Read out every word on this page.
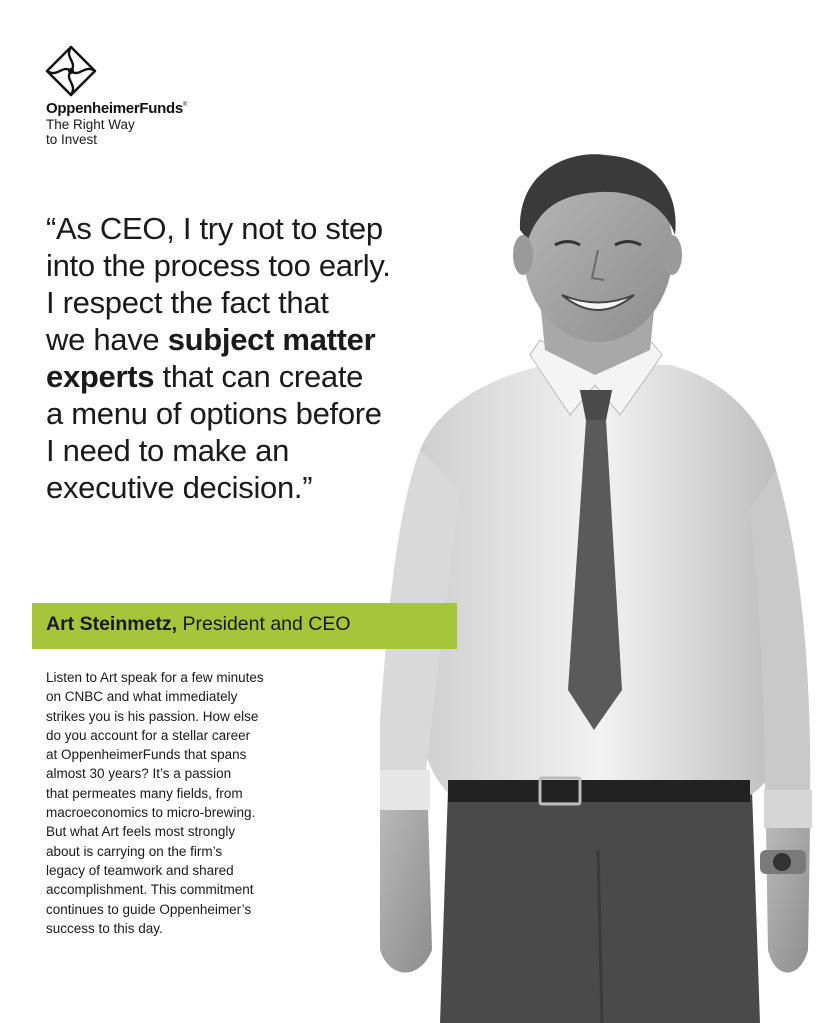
OppenheimerFunds®
The Right Way
to Invest
“As CEO, I try not to step
into the process too early.
I respect the fact that
we have subject matter
experts that can create
a menu of options before
I need to make an
executive decision.”
Art Steinmetz, President and CEO
Listen to Art speak for a few minutes
on CNBC and what immediately
strikes you is his passion. How else
do you account for a stellar career
at OppenheimerFunds that spans
almost 30 years? It’s a passion
that permeates many fields, from
macroeconomics to micro-brewing.
But what Art feels most strongly
about is carrying on the firm’s
legacy of teamwork and shared
accomplishment. This commitment
continues to guide Oppenheimer’s
success to this day.
